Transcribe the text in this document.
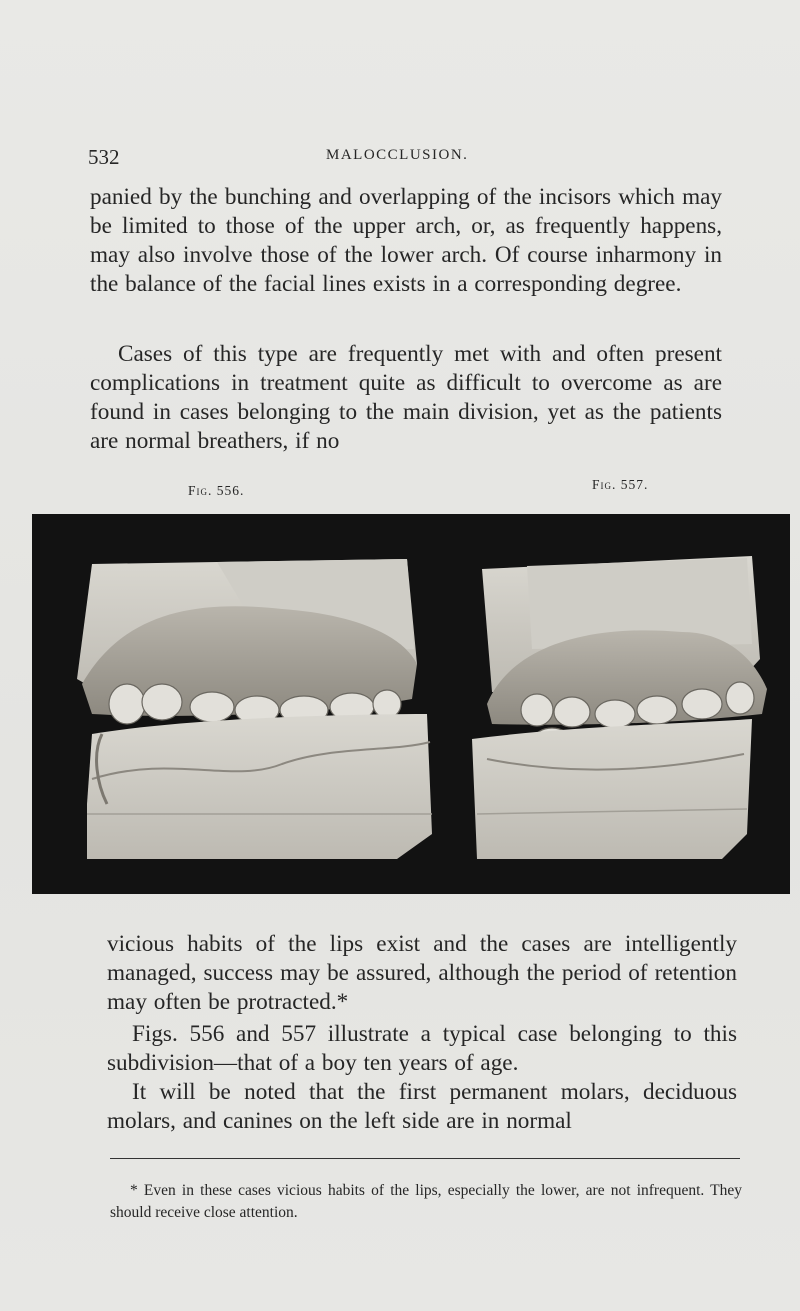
532	MALOCCLUSION.

panied by the bunching and overlapping of the incisors which may be limited to those of the upper arch, or, as frequently happens, may also involve those of the lower arch. Of course inharmony in the balance of the facial lines exists in a corresponding degree.

Cases of this type are frequently met with and often present complications in treatment quite as difficult to overcome as are found in cases belonging to the main division, yet as the patients are normal breathers, if no

Fig. 556.	Fig. 557.

vicious habits of the lips exist and the cases are intelligently managed, success may be assured, although the period of retention may often be protracted.*

Figs. 556 and 557 illustrate a typical case belonging to this subdivision—that of a boy ten years of age.

It will be noted that the first permanent molars, deciduous molars, and canines on the left side are in normal

* Even in these cases vicious habits of the lips, especially the lower, are not infrequent. They should receive close attention.
